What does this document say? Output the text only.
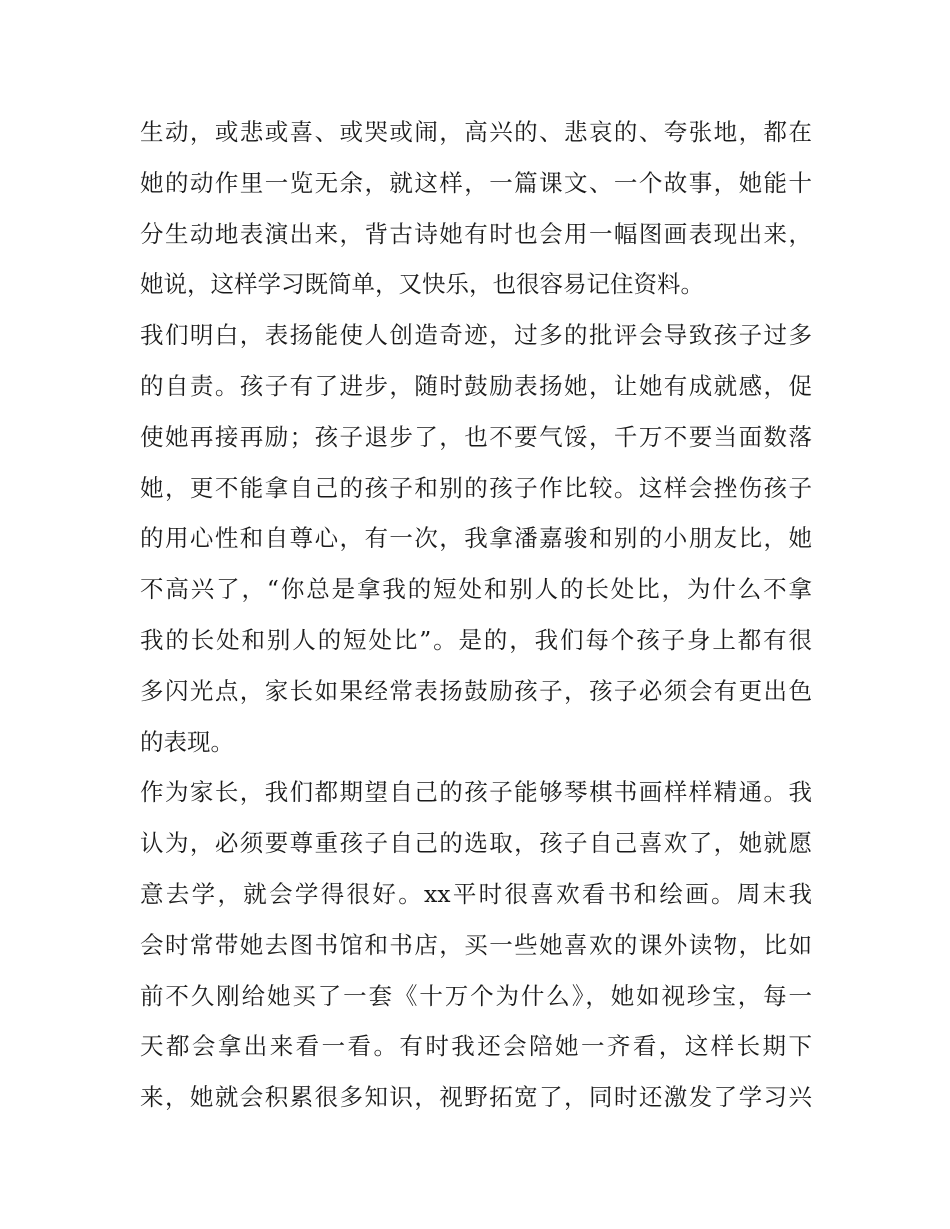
生动，或悲或喜、或哭或闹，高兴的、悲哀的、夸张地，都在
她的动作里一览无余，就这样，一篇课文、一个故事，她能十
分生动地表演出来，背古诗她有时也会用一幅图画表现出来，
她说，这样学习既简单，又快乐，也很容易记住资料。
我们明白，表扬能使人创造奇迹，过多的批评会导致孩子过多
的自责。孩子有了进步，随时鼓励表扬她，让她有成就感，促
使她再接再励；孩子退步了，也不要气馁，千万不要当面数落
她，更不能拿自己的孩子和别的孩子作比较。这样会挫伤孩子
的用心性和自尊心，有一次，我拿潘嘉骏和别的小朋友比，她
不高兴了，“你总是拿我的短处和别人的长处比，为什么不拿
我的长处和别人的短处比”。是的，我们每个孩子身上都有很
多闪光点，家长如果经常表扬鼓励孩子，孩子必须会有更出色
的表现。
作为家长，我们都期望自己的孩子能够琴棋书画样样精通。我
认为，必须要尊重孩子自己的选取，孩子自己喜欢了，她就愿
意去学，就会学得很好。xx平时很喜欢看书和绘画。周末我
会时常带她去图书馆和书店，买一些她喜欢的课外读物，比如
前不久刚给她买了一套《十万个为什么》，她如视珍宝，每一
天都会拿出来看一看。有时我还会陪她一齐看，这样长期下
来，她就会积累很多知识，视野拓宽了，同时还激发了学习兴
